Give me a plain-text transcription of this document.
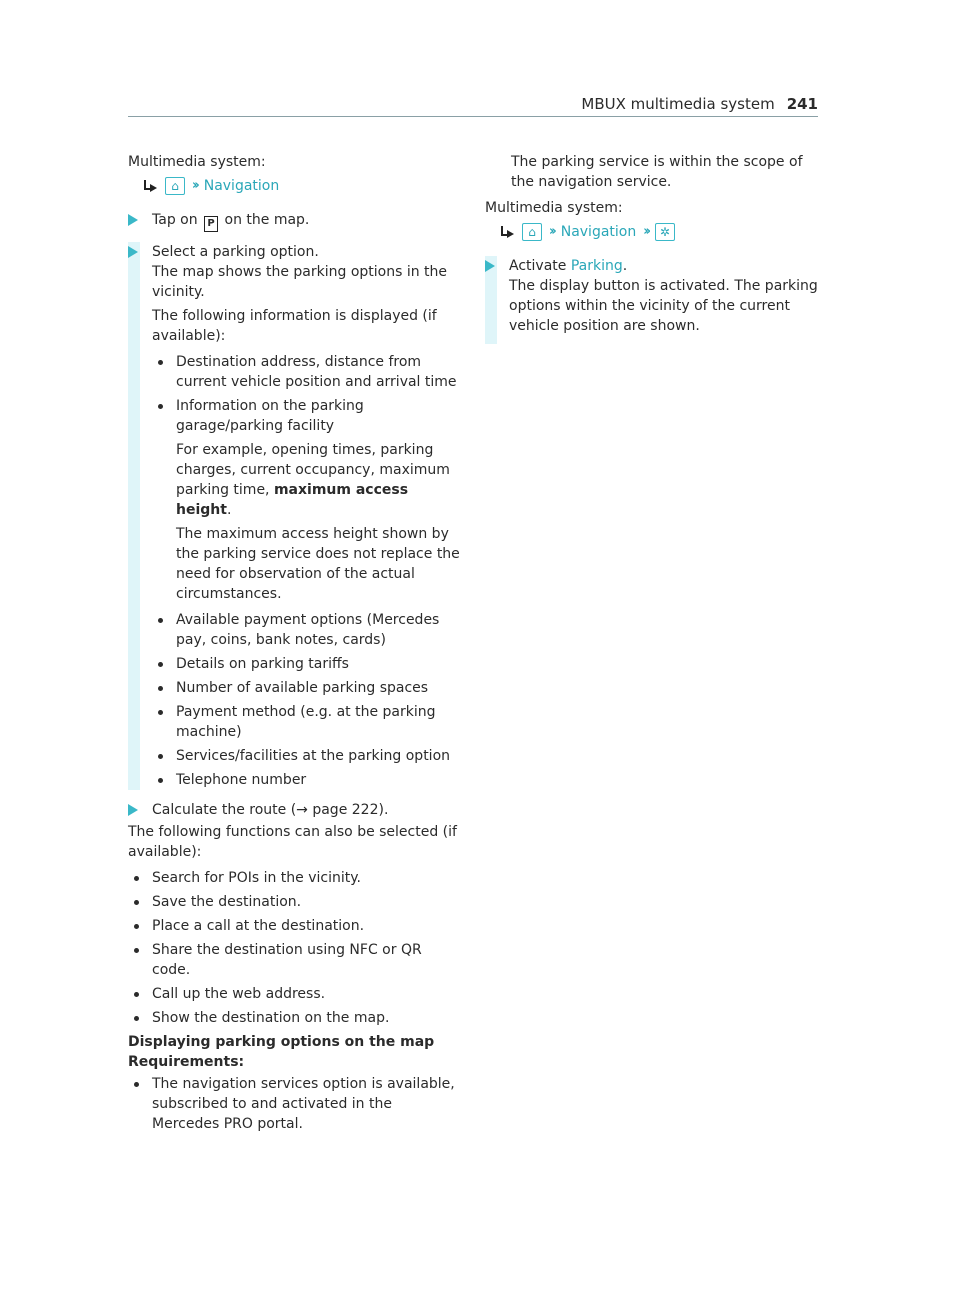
MBUX multimedia system 241
Multimedia system:
⌂	›› Navigation
Tap on P on the map.
Select a parking option.
The map shows the parking options in the vicinity.
The following information is displayed (if available):
Destination address, distance from current vehicle position and arrival time
Information on the parking garage/parking facility
For example, opening times, parking charges, current occupancy, maximum parking time, maximum access height.
The maximum access height shown by the parking service does not replace the need for observation of the actual circumstances.
Available payment options (Mercedes pay, coins, bank notes, cards)
Details on parking tariffs
Number of available parking spaces
Payment method (e.g. at the parking machine)
Services/facilities at the parking option
Telephone number
Calculate the route (→ page 222).
The following functions can also be selected (if available):
Search for POIs in the vicinity.
Save the destination.
Place a call at the destination.
Share the destination using NFC or QR code.
Call up the web address.
Show the destination on the map.
Displaying parking options on the map
Requirements:
The navigation services option is available, subscribed to and activated in the Mercedes PRO portal.
The parking service is within the scope of the navigation service.
Multimedia system:
⌂	›› Navigation ›› ✲
Activate Parking.
The display button is activated. The parking options within the vicinity of the current vehicle position are shown.
